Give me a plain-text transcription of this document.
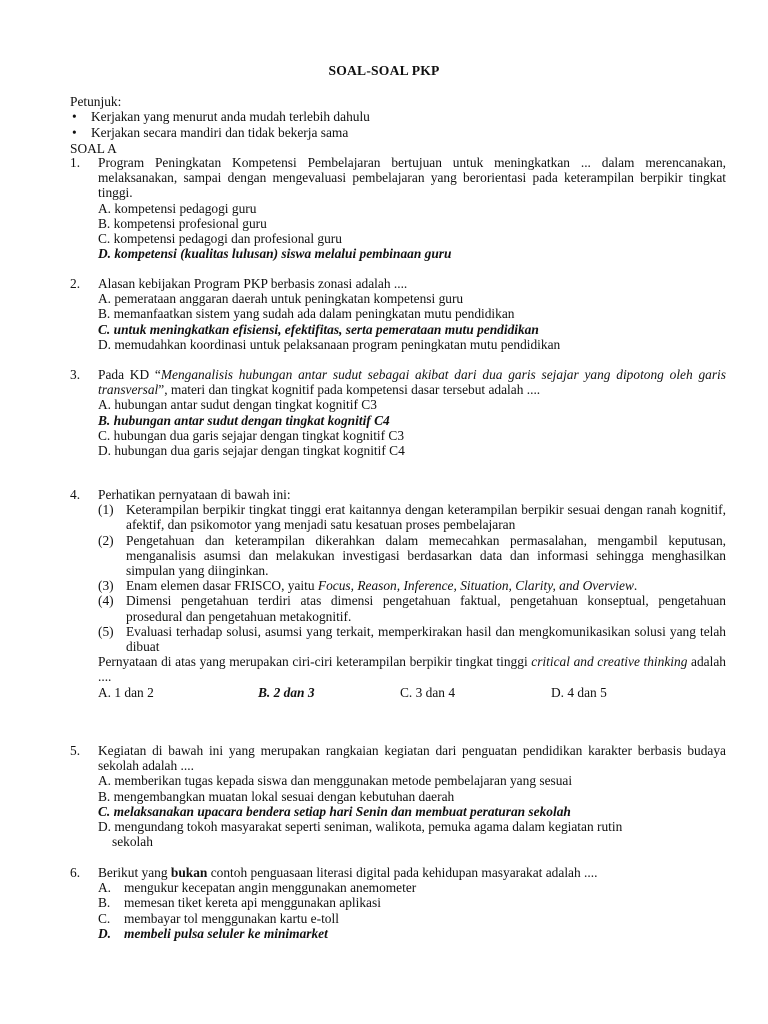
SOAL-SOAL PKP
Petunjuk:
• Kerjakan yang menurut anda mudah terlebih dahulu
• Kerjakan secara mandiri dan tidak bekerja sama
SOAL A
1. Program Peningkatan Kompetensi Pembelajaran bertujuan untuk meningkatkan ... dalam merencanakan, melaksanakan, sampai dengan mengevaluasi pembelajaran yang berorientasi pada keterampilan berpikir tingkat tinggi.
A. kompetensi pedagogi guru
B. kompetensi profesional guru
C. kompetensi pedagogi dan profesional guru
D. kompetensi (kualitas lulusan) siswa melalui pembinaan guru
2. Alasan kebijakan Program PKP berbasis zonasi adalah ....
A. pemerataan anggaran daerah untuk peningkatan kompetensi guru
B. memanfaatkan sistem yang sudah ada dalam peningkatan mutu pendidikan
C. untuk meningkatkan efisiensi, efektifitas, serta pemerataan mutu pendidikan
D. memudahkan koordinasi untuk pelaksanaan program peningkatan mutu pendidikan
3. Pada KD “Menganalisis hubungan antar sudut sebagai akibat dari dua garis sejajar yang dipotong oleh garis transversal”, materi dan tingkat kognitif pada kompetensi dasar tersebut adalah ....
A. hubungan antar sudut dengan tingkat kognitif C3
B. hubungan antar sudut dengan tingkat kognitif C4
C. hubungan dua garis sejajar dengan tingkat kognitif C3
D. hubungan dua garis sejajar dengan tingkat kognitif C4
4. Perhatikan pernyataan di bawah ini:
(1) Keterampilan berpikir tingkat tinggi erat kaitannya dengan keterampilan berpikir sesuai dengan ranah kognitif, afektif, dan psikomotor yang menjadi satu kesatuan proses pembelajaran
(2) Pengetahuan dan keterampilan dikerahkan dalam memecahkan permasalahan, mengambil keputusan, menganalisis asumsi dan melakukan investigasi berdasarkan data dan informasi sehingga menghasilkan simpulan yang diinginkan.
(3) Enam elemen dasar FRISCO, yaitu Focus, Reason, Inference, Situation, Clarity, and Overview.
(4) Dimensi pengetahuan terdiri atas dimensi pengetahuan faktual, pengetahuan konseptual, pengetahuan prosedural dan pengetahuan metakognitif.
(5) Evaluasi terhadap solusi, asumsi yang terkait, memperkirakan hasil dan mengkomunikasikan solusi yang telah dibuat
Pernyataan di atas yang merupakan ciri-ciri keterampilan berpikir tingkat tinggi critical and creative thinking adalah ....
A. 1 dan 2	B. 2 dan 3	C. 3 dan 4	D. 4 dan 5
5. Kegiatan di bawah ini yang merupakan rangkaian kegiatan dari penguatan pendidikan karakter berbasis budaya sekolah adalah ....
A. memberikan tugas kepada siswa dan menggunakan metode pembelajaran yang sesuai
B. mengembangkan muatan lokal sesuai dengan kebutuhan daerah
C. melaksanakan upacara bendera setiap hari Senin dan membuat peraturan sekolah
D. mengundang tokoh masyarakat seperti seniman, walikota, pemuka agama dalam kegiatan rutin
sekolah
6. Berikut yang bukan contoh penguasaan literasi digital pada kehidupan masyarakat adalah ....
A. mengukur kecepatan angin menggunakan anemometer
B. memesan tiket kereta api menggunakan aplikasi
C. membayar tol menggunakan kartu e-toll
D. membeli pulsa seluler ke minimarket
